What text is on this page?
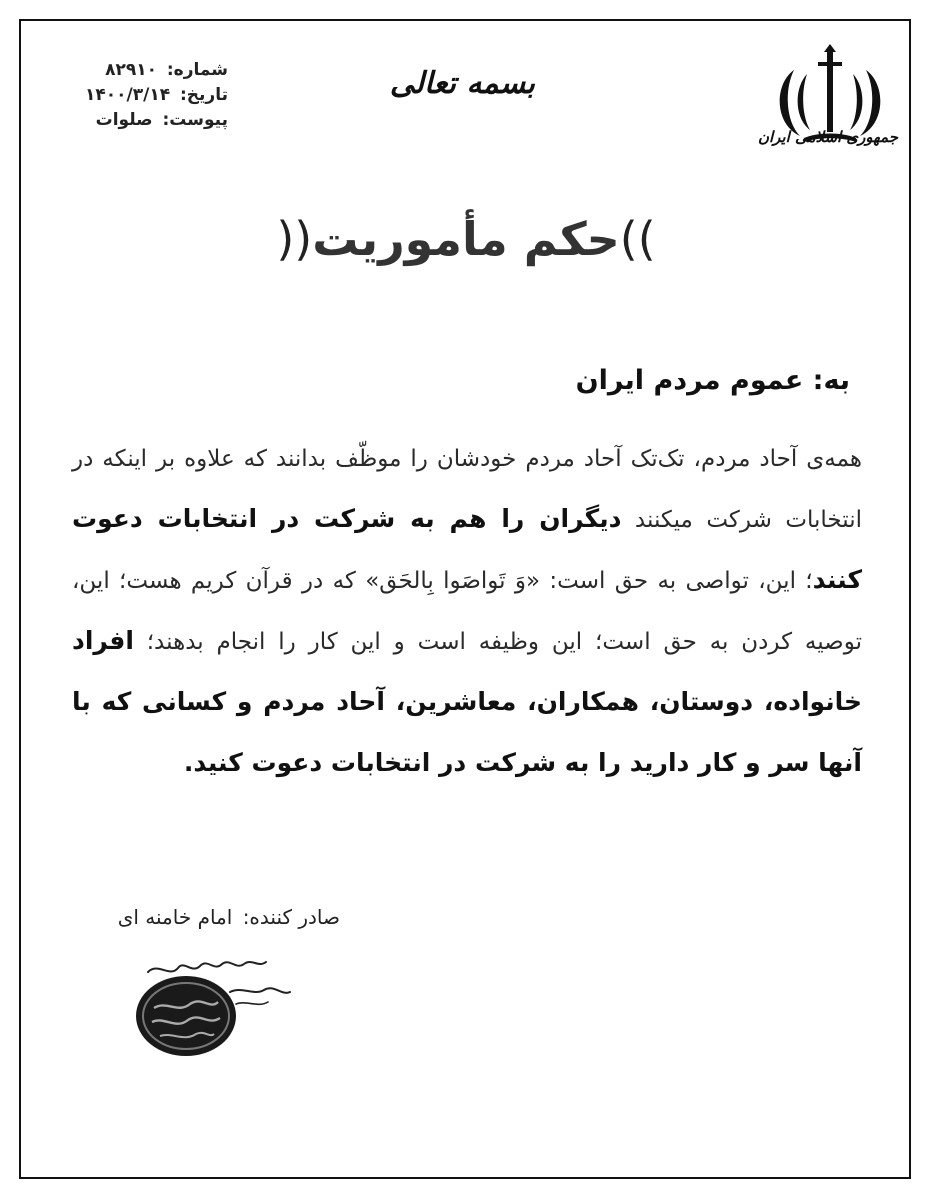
شماره: ۸۲۹۱۰
تاریخ: ۱۴۰۰/۳/۱۴
پیوست: صلوات
بسمه تعالی
جمهوری اسلامی ایران
))حکم مأموریت((
به: عموم مردم ایران
همه‌ی آحاد مردم، تک‌تک آحاد مردم خودشان را موظّف بدانند که علاوه بر اینکه در انتخابات شرکت میکنند دیگران را هم به شرکت در انتخابات دعوت کنند؛ این، تواصی به حق است: «وَ تَواصَوا بِالحَق» که در قرآن کریم هست؛ این، توصیه کردن به حق است؛ این وظیفه است و این کار را انجام بدهند؛ افراد خانواده، دوستان، همکاران، معاشرین، آحاد مردم و کسانی که با آنها سر و کار دارید را به شرکت در انتخابات دعوت کنید.
صادر کننده: امام خامنه ای
